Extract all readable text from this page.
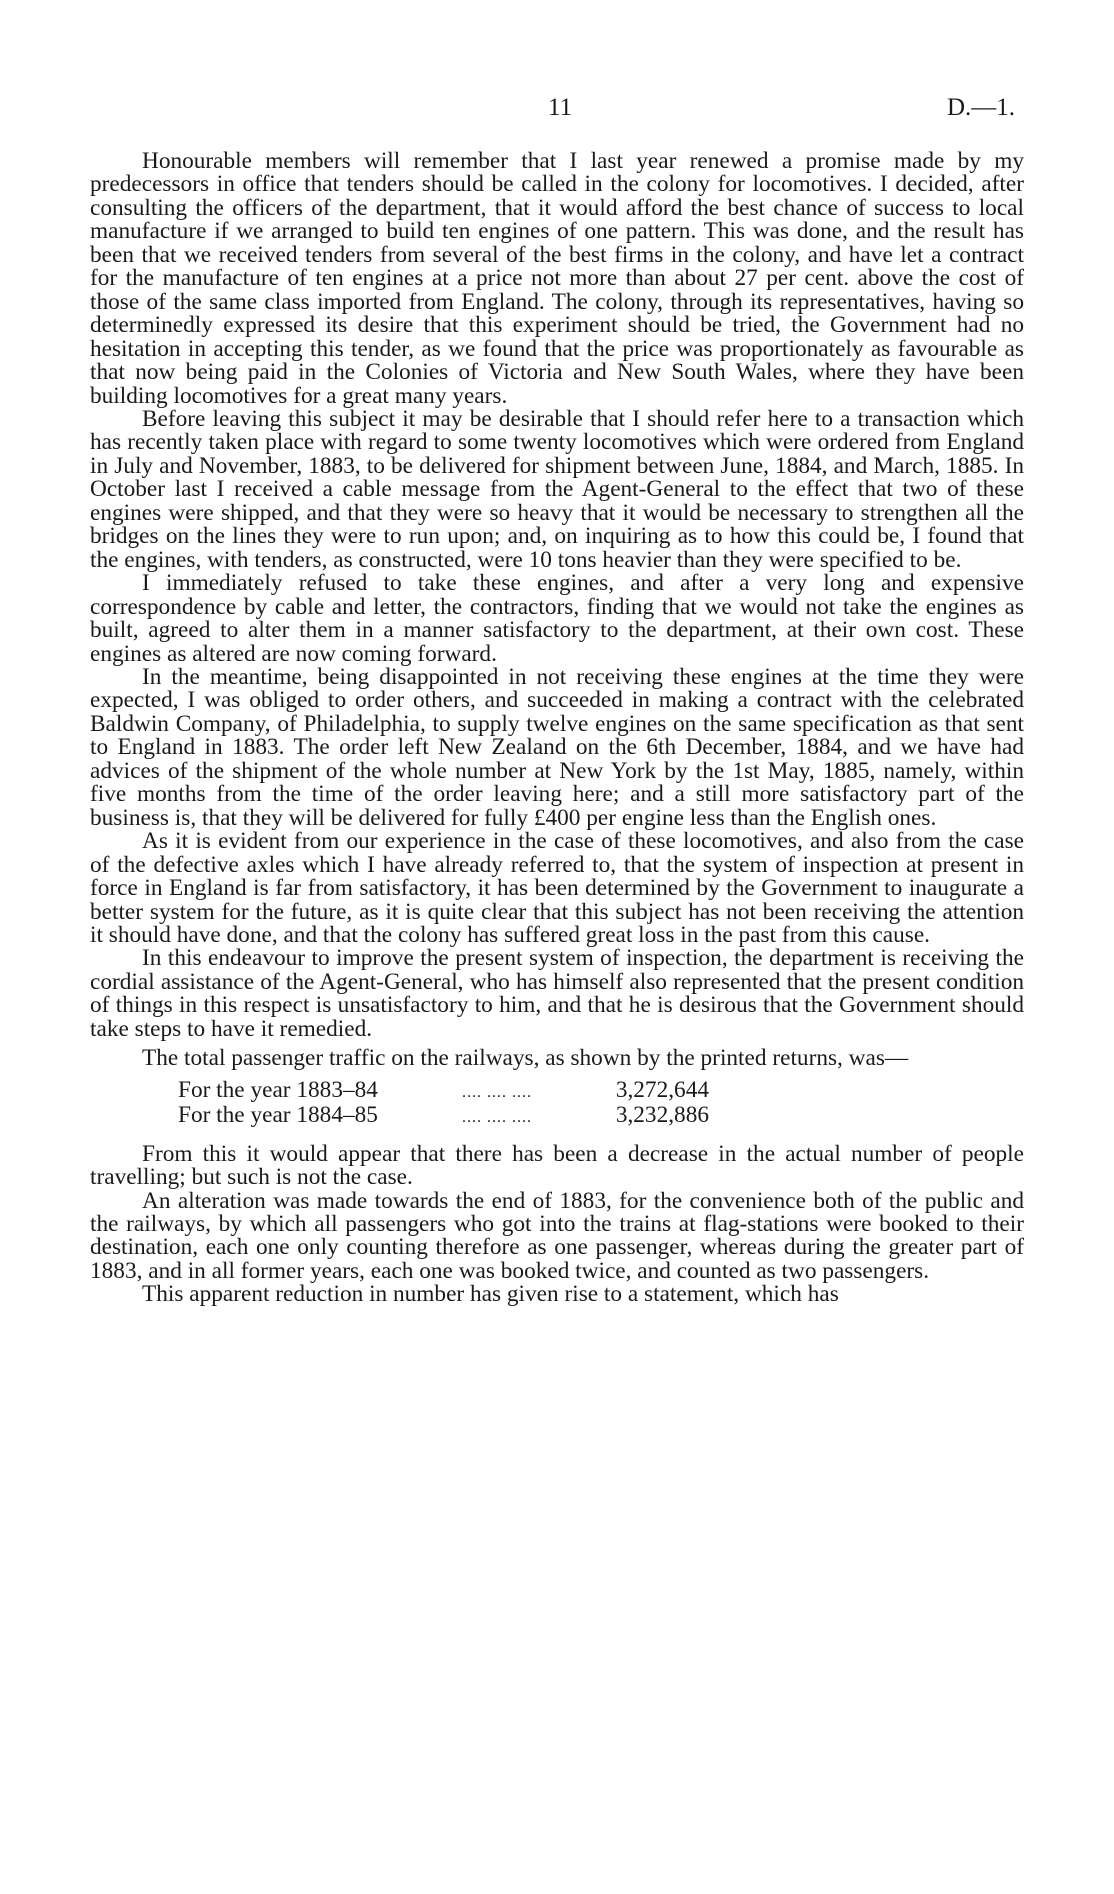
11	D.—1.

Honourable members will remember that I last year renewed a promise made by my predecessors in office that tenders should be called in the colony for locomotives. I decided, after consulting the officers of the department, that it would afford the best chance of success to local manufacture if we arranged to build ten engines of one pattern. This was done, and the result has been that we received tenders from several of the best firms in the colony, and have let a contract for the manufacture of ten engines at a price not more than about 27 per cent. above the cost of those of the same class imported from England. The colony, through its representatives, having so determinedly expressed its desire that this experiment should be tried, the Government had no hesitation in accepting this tender, as we found that the price was proportionately as favourable as that now being paid in the Colonies of Victoria and New South Wales, where they have been building locomotives for a great many years.

Before leaving this subject it may be desirable that I should refer here to a transaction which has recently taken place with regard to some twenty locomotives which were ordered from England in July and November, 1883, to be delivered for shipment between June, 1884, and March, 1885. In October last I received a cable message from the Agent-General to the effect that two of these engines were shipped, and that they were so heavy that it would be necessary to strengthen all the bridges on the lines they were to run upon; and, on inquiring as to how this could be, I found that the engines, with tenders, as constructed, were 10 tons heavier than they were specified to be.

I immediately refused to take these engines, and after a very long and expensive correspondence by cable and letter, the contractors, finding that we would not take the engines as built, agreed to alter them in a manner satisfactory to the department, at their own cost. These engines as altered are now coming forward.

In the meantime, being disappointed in not receiving these engines at the time they were expected, I was obliged to order others, and succeeded in making a contract with the celebrated Baldwin Company, of Philadelphia, to supply twelve engines on the same specification as that sent to England in 1883. The order left New Zealand on the 6th December, 1884, and we have had advices of the shipment of the whole number at New York by the 1st May, 1885, namely, within five months from the time of the order leaving here; and a still more satisfactory part of the business is, that they will be delivered for fully £400 per engine less than the English ones.

As it is evident from our experience in the case of these locomotives, and also from the case of the defective axles which I have already referred to, that the system of inspection at present in force in England is far from satisfactory, it has been determined by the Government to inaugurate a better system for the future, as it is quite clear that this subject has not been receiving the attention it should have done, and that the colony has suffered great loss in the past from this cause.

In this endeavour to improve the present system of inspection, the department is receiving the cordial assistance of the Agent-General, who has himself also represented that the present condition of things in this respect is unsatisfactory to him, and that he is desirous that the Government should take steps to have it remedied.

The total passenger traffic on the railways, as shown by the printed returns, was—

For the year 1883–84	.... .... ....	3,272,644
For the year 1884–85	.... .... ....	3,232,886

From this it would appear that there has been a decrease in the actual number of people travelling; but such is not the case.

An alteration was made towards the end of 1883, for the convenience both of the public and the railways, by which all passengers who got into the trains at flag-stations were booked to their destination, each one only counting therefore as one passenger, whereas during the greater part of 1883, and in all former years, each one was booked twice, and counted as two passengers.

This apparent reduction in number has given rise to a statement, which has
